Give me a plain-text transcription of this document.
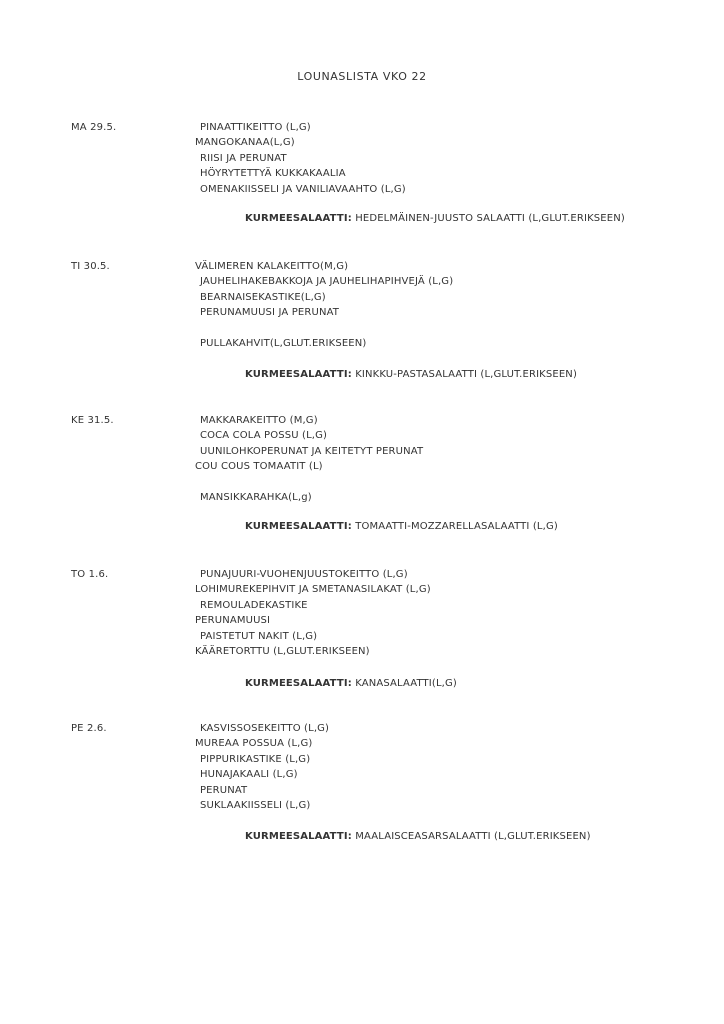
LOUNASLISTA VKO 22
MA 29.5.	PINAATTIKEITTO (L,G)
MANGOKANAA(L,G)
RIISI JA PERUNAT
HÖYRYTETTYÄ KUKKAKAALIA
OMENAKIISSELI JA VANILIAVAAHTO (L,G)
KURMEESALAATTI: HEDELMÄINEN-JUUSTO SALAATTI (L,GLUT.ERIKSEEN)
TI 30.5.	VÄLIMEREN KALAKEITTO(M,G)
JAUHELIHAKEBAKKOJA JA JAUHELIHAPIHVEJÄ (L,G)
BEARNAISEKASTIKE(L,G)
PERUNAMUUSI JA PERUNAT
PULLAKAHVIT(L,GLUT.ERIKSEEN)
KURMEESALAATTI: KINKKU-PASTASALAATTI (L,GLUT.ERIKSEEN)
KE 31.5.	MAKKARAKEITTO (M,G)
COCA COLA POSSU (L,G)
UUNILOHKOPERUNAT JA KEITETYT PERUNAT
COU COUS TOMAATIT (L)
MANSIKKARAHKA(L,g)
KURMEESALAATTI: TOMAATTI-MOZZARELLASALAATTI (L,G)
TO 1.6.	PUNAJUURI-VUOHENJUUSTOKEITTO (L,G)
LOHIMUREKEPIHVIT JA SMETANASILAKAT (L,G)
REMOULADEKASTIKE
PERUNAMUUSI
PAISTETUT NAKIT (L,G)
KÄÄRETORTTU (L,GLUT.ERIKSEEN)
KURMEESALAATTI: KANASALAATTI(L,G)
PE 2.6.	KASVISSOSEKEITTO (L,G)
MUREAA POSSUA (L,G)
PIPPURIKASTIKE (L,G)
HUNAJAKAALI (L,G)
PERUNAT
SUKLAAKIISSELI (L,G)
KURMEESALAATTI: MAALAISCEASARSALAATTI (L,GLUT.ERIKSEEN)
